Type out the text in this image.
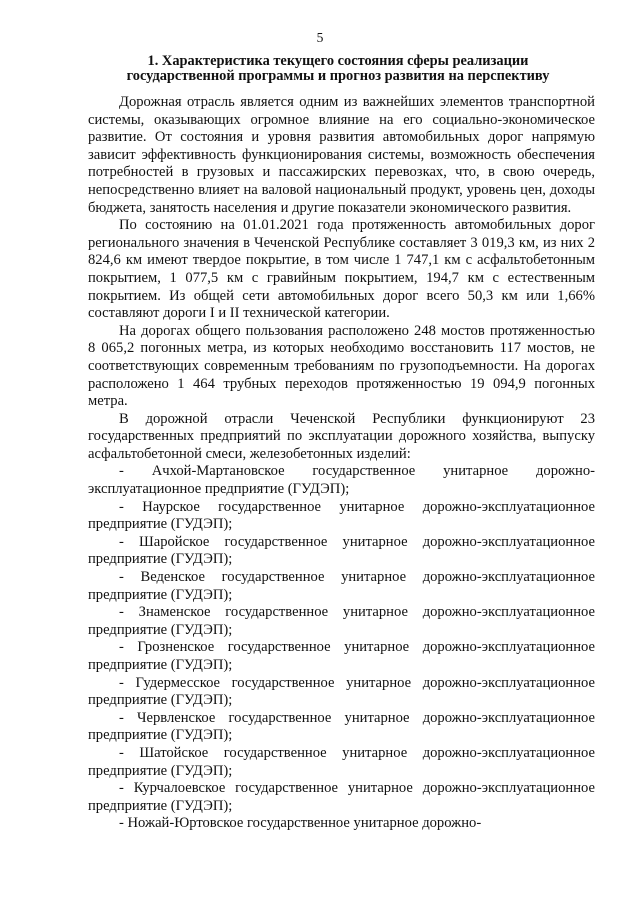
5
1. Характеристика текущего состояния сферы реализации
государственной программы и прогноз развития на перспективу

Дорожная отрасль является одним из важнейших элементов транспортной системы, оказывающих огромное влияние на его социально-экономическое развитие. От состояния и уровня развития автомобильных дорог напрямую зависит эффективность функционирования системы, возможность обеспечения потребностей в грузовых и пассажирских перевозках, что, в свою очередь, непосредственно влияет на валовой национальный продукт, уровень цен, доходы бюджета, занятость населения и другие показатели экономического развития.

По состоянию на 01.01.2021 года протяженность автомобильных дорог регионального значения в Чеченской Республике составляет 3 019,3 км, из них 2 824,6 км имеют твердое покрытие, в том числе 1 747,1 км с асфальтобетонным покрытием, 1 077,5 км с гравийным покрытием, 194,7 км с естественным покрытием. Из общей сети автомобильных дорог всего 50,3 км или 1,66% составляют дороги I и II технической категории.

На дорогах общего пользования расположено 248 мостов протяженностью 8 065,2 погонных метра, из которых необходимо восстановить 117 мостов, не соответствующих современным требованиям по грузоподъемности. На дорогах расположено 1 464 трубных переходов протяженностью 19 094,9 погонных метра.

В дорожной отрасли Чеченской Республики функционируют 23 государственных предприятий по эксплуатации дорожного хозяйства, выпуску асфальтобетонной смеси, железобетонных изделий:

- Ачхой-Мартановское государственное унитарное дорожно-эксплуатационное предприятие (ГУДЭП);

- Наурское государственное унитарное дорожно-эксплуатационное предприятие (ГУДЭП);

- Шаройское государственное унитарное дорожно-эксплуатационное предприятие (ГУДЭП);

- Веденское государственное унитарное дорожно-эксплуатационное предприятие (ГУДЭП);

- Знаменское государственное унитарное дорожно-эксплуатационное предприятие (ГУДЭП);

- Грозненское государственное унитарное дорожно-эксплуатационное предприятие (ГУДЭП);

- Гудермесское государственное унитарное дорожно-эксплуатационное предприятие (ГУДЭП);

- Червленское государственное унитарное дорожно-эксплуатационное предприятие (ГУДЭП);

- Шатойское государственное унитарное дорожно-эксплуатационное предприятие (ГУДЭП);

- Курчалоевское государственное унитарное дорожно-эксплуатационное предприятие (ГУДЭП);

- Ножай-Юртовское государственное унитарное дорожно-
